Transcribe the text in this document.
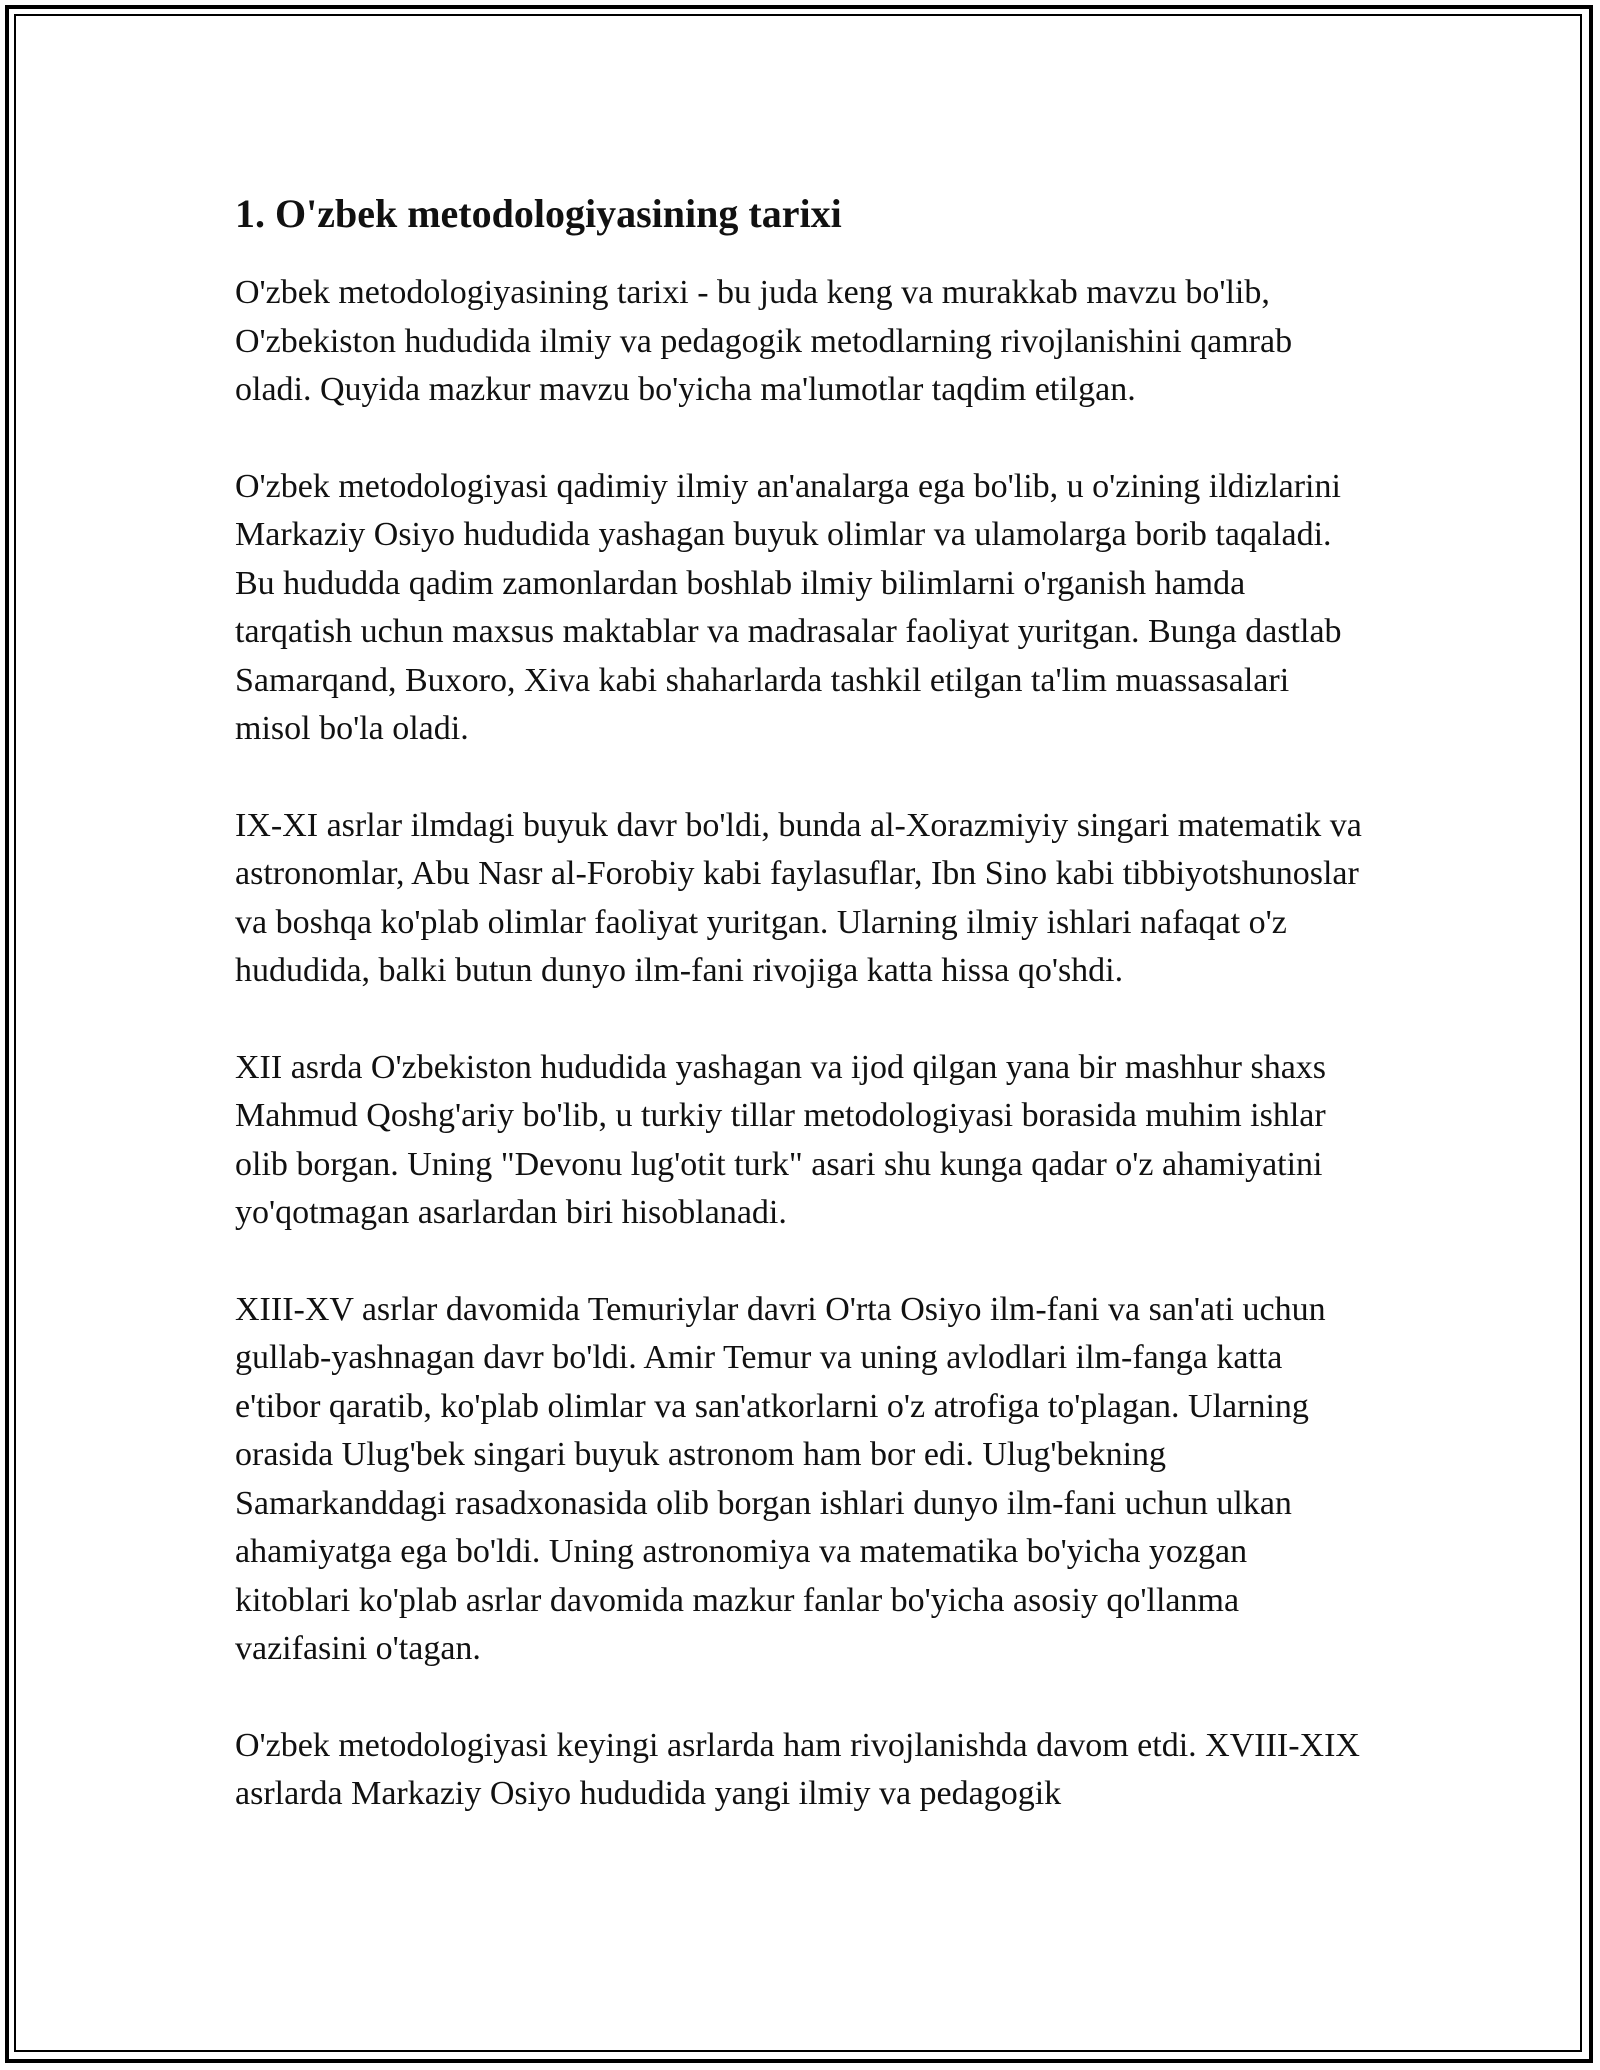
1. O'zbek metodologiyasining tarixi

O'zbek metodologiyasining tarixi - bu juda keng va murakkab mavzu bo'lib, O'zbekiston hududida ilmiy va pedagogik metodlarning rivojlanishini qamrab oladi. Quyida mazkur mavzu bo'yicha ma'lumotlar taqdim etilgan.

O'zbek metodologiyasi qadimiy ilmiy an'analarga ega bo'lib, u o'zining ildizlarini Markaziy Osiyo hududida yashagan buyuk olimlar va ulamolarga borib taqaladi. Bu hududda qadim zamonlardan boshlab ilmiy bilimlarni o'rganish hamda tarqatish uchun maxsus maktablar va madrasalar faoliyat yuritgan. Bunga dastlab Samarqand, Buxoro, Xiva kabi shaharlarda tashkil etilgan ta'lim muassasalari misol bo'la oladi.

IX-XI asrlar ilmdagi buyuk davr bo'ldi, bunda al-Xorazmiyiy singari matematik va astronomlar, Abu Nasr al-Forobiy kabi faylasuflar, Ibn Sino kabi tibbiyotshunoslar va boshqa ko'plab olimlar faoliyat yuritgan. Ularning ilmiy ishlari nafaqat o'z hududida, balki butun dunyo ilm-fani rivojiga katta hissa qo'shdi.

XII asrda O'zbekiston hududida yashagan va ijod qilgan yana bir mashhur shaxs Mahmud Qoshg'ariy bo'lib, u turkiy tillar metodologiyasi borasida muhim ishlar olib borgan. Uning "Devonu lug'otit turk" asari shu kunga qadar o'z ahamiyatini yo'qotmagan asarlardan biri hisoblanadi.

XIII-XV asrlar davomida Temuriylar davri O'rta Osiyo ilm-fani va san'ati uchun gullab-yashnagan davr bo'ldi. Amir Temur va uning avlodlari ilm-fanga katta e'tibor qaratib, ko'plab olimlar va san'atkorlarni o'z atrofiga to'plagan. Ularning orasida Ulug'bek singari buyuk astronom ham bor edi. Ulug'bekning Samarkanddagi rasadxonasida olib borgan ishlari dunyo ilm-fani uchun ulkan ahamiyatga ega bo'ldi. Uning astronomiya va matematika bo'yicha yozgan kitoblari ko'plab asrlar davomida mazkur fanlar bo'yicha asosiy qo'llanma vazifasini o'tagan.

O'zbek metodologiyasi keyingi asrlarda ham rivojlanishda davom etdi. XVIII-XIX asrlarda Markaziy Osiyo hududida yangi ilmiy va pedagogik
